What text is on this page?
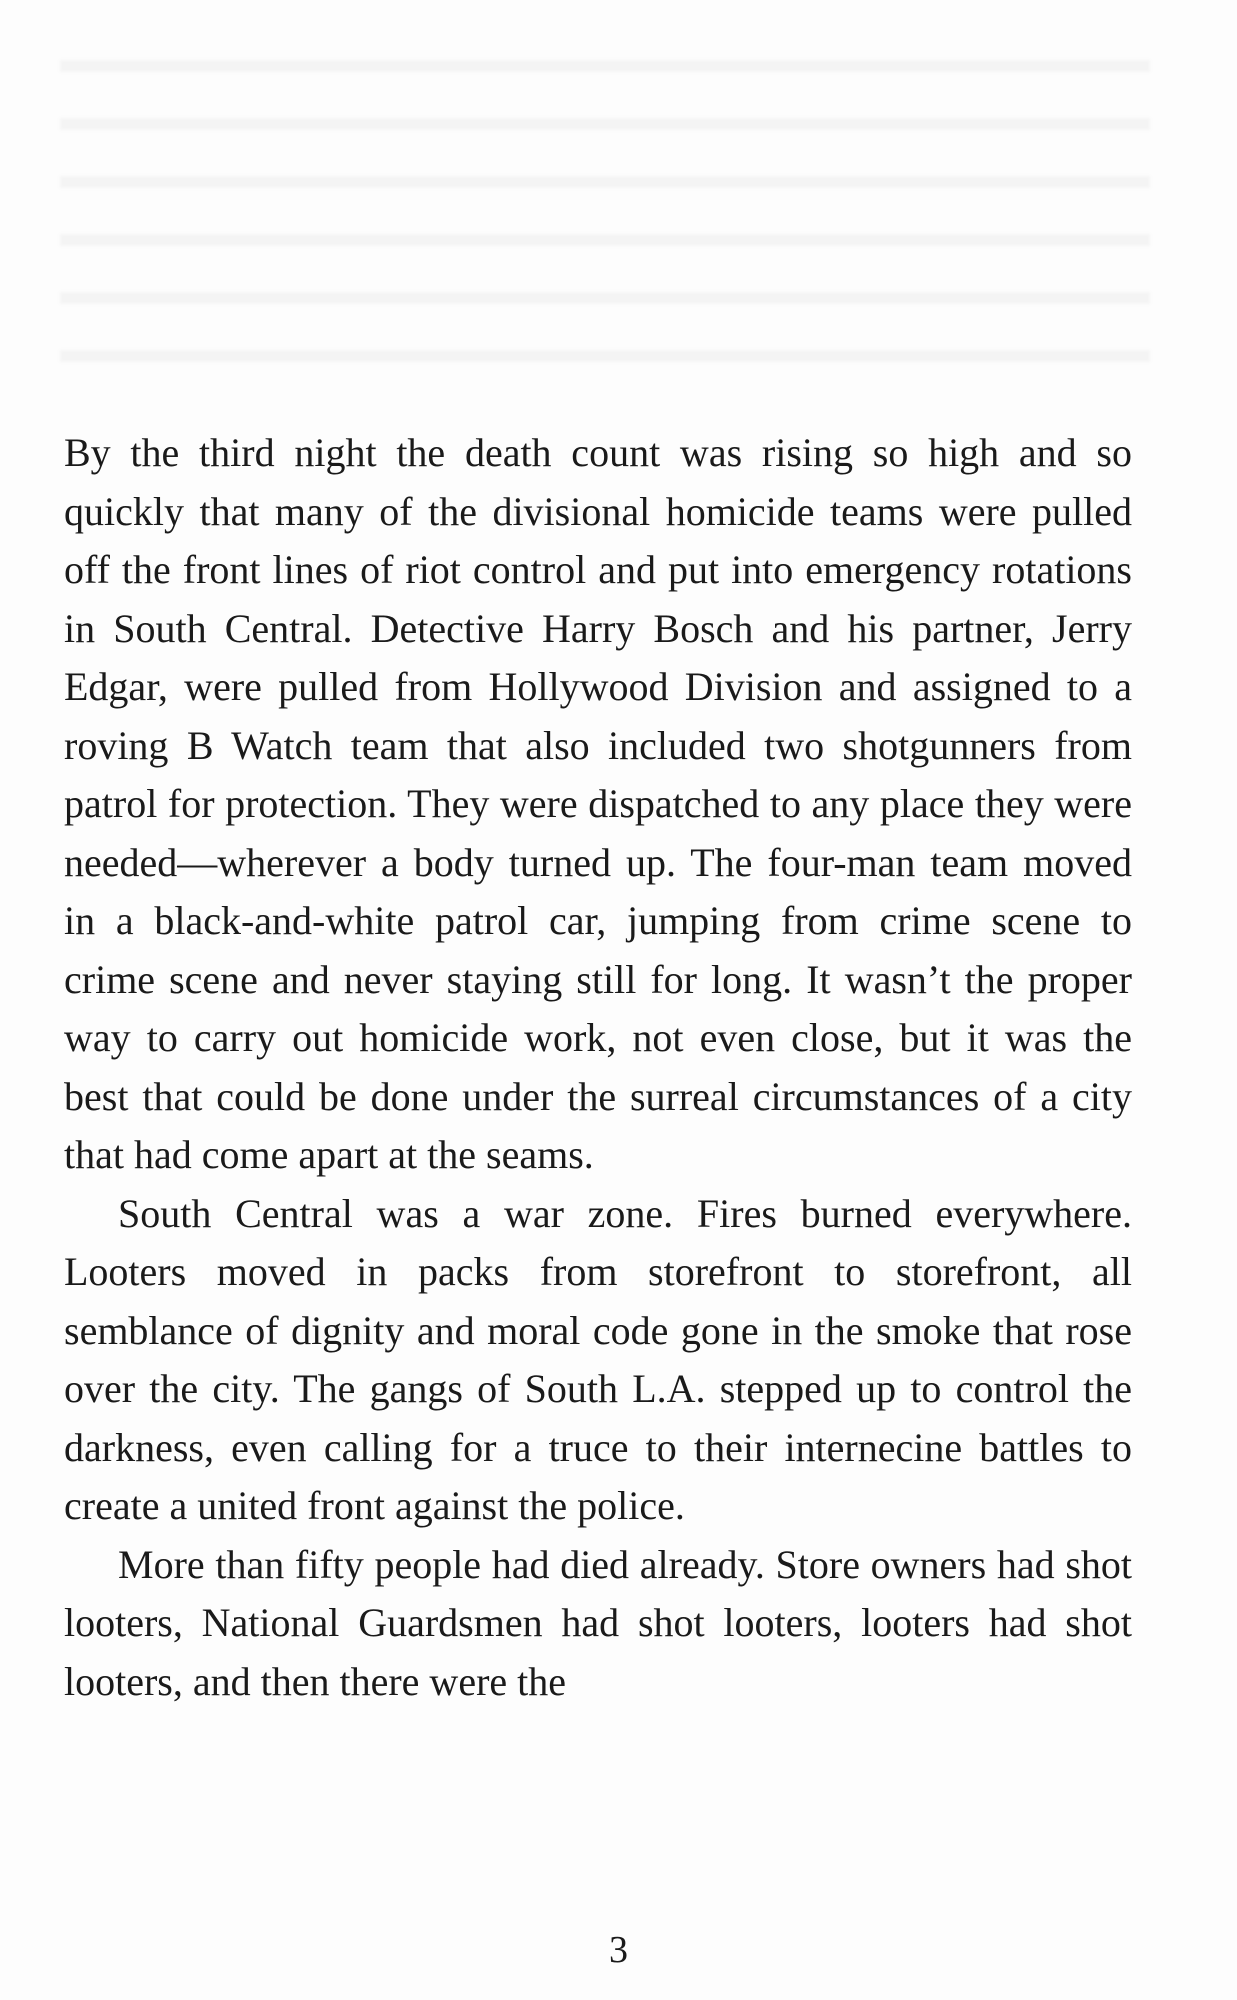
By the third night the death count was rising so high and so quickly that many of the divisional homicide teams were pulled off the front lines of riot control and put into emergency rotations in South Central. Detective Harry Bosch and his partner, Jerry Edgar, were pulled from Hollywood Division and assigned to a roving B Watch team that also included two shotgunners from patrol for protection. They were dispatched to any place they were needed—wherever a body turned up. The four-man team moved in a black-and-white patrol car, jumping from crime scene to crime scene and never staying still for long. It wasn’t the proper way to carry out homicide work, not even close, but it was the best that could be done under the surreal circumstances of a city that had come apart at the seams.

South Central was a war zone. Fires burned everywhere. Looters moved in packs from storefront to storefront, all semblance of dignity and moral code gone in the smoke that rose over the city. The gangs of South L.A. stepped up to control the darkness, even calling for a truce to their internecine battles to create a united front against the police.

More than fifty people had died already. Store owners had shot looters, National Guardsmen had shot looters, looters had shot looters, and then there were the

3
